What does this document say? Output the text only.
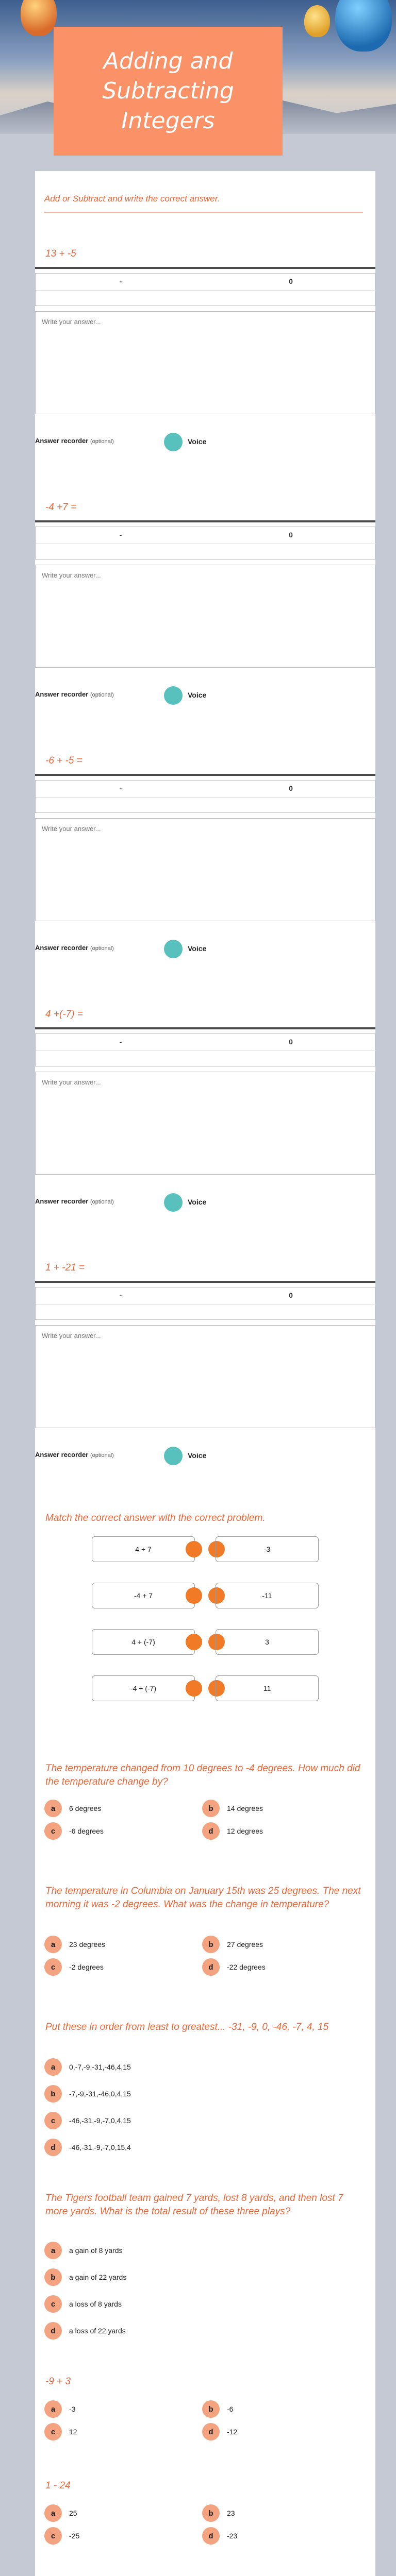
Adding and Subtracting Integers
Add or Subtract and write the correct answer.
13 + -5
-	0
Write your answer...
Answer recorder (optional)	Voice
-4 +7 =
-	0
Write your answer...
Answer recorder (optional)	Voice
-6 + -5 =
-	0
Write your answer...
Answer recorder (optional)	Voice
4 +(-7) =
-	0
Write your answer...
Answer recorder (optional)	Voice
1 + -21 =
-	0
Write your answer...
Answer recorder (optional)	Voice
Match the correct answer with the correct problem.
4 + 7	-3
-4 + 7	-11
4 + (-7)	3
-4 + (-7)	11
The temperature changed from 10 degrees to -4 degrees. How much did the temperature change by?
a	6 degrees	b	14 degrees
c	-6 degrees	d	12 degrees
The temperature in Columbia on January 15th was 25 degrees. The next morning it was -2 degrees. What was the change in temperature?
a	23 degrees	b	27 degrees
c	-2 degrees	d	-22 degrees
Put these in order from least to greatest... -31, -9, 0, -46, -7, 4, 15
a	0,-7,-9,-31,-46,4,15
b	-7,-9,-31,-46,0,4,15
c	-46,-31,-9,-7,0,4,15
d	-46,-31,-9,-7,0,15,4
The Tigers football team gained 7 yards, lost 8 yards, and then lost 7 more yards. What is the total result of these three plays?
a	a gain of 8 yards
b	a gain of 22 yards
c	a loss of 8 yards
d	a loss of 22 yards
-9 + 3
a	-3	b	-6
c	12	d	-12
1 - 24
a	25	b	23
c	-25	d	-23
